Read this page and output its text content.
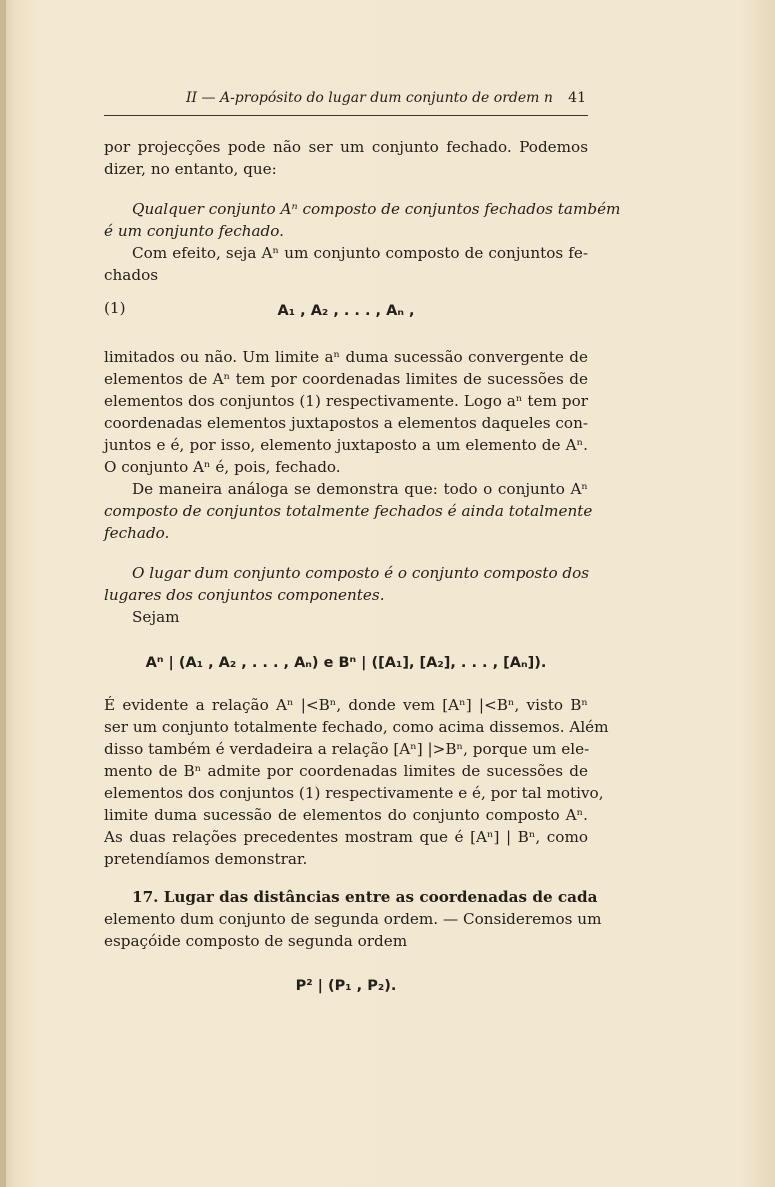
II — A-propósito do lugar dum conjunto de ordem n 41
por projecções pode não ser um conjunto fechado. Podemos
dizer, no entanto, que:
Qualquer conjunto Aⁿ composto de conjuntos fechados também
é um conjunto fechado.
Com efeito, seja Aⁿ um conjunto composto de conjuntos fe-
chados
(1)	A₁ , A₂ , . . . , Aₙ ,
limitados ou não. Um limite aⁿ duma sucessão convergente de
elementos de Aⁿ tem por coordenadas limites de sucessões de
elementos dos conjuntos (1) respectivamente. Logo aⁿ tem por
coordenadas elementos juxtapostos a elementos daqueles con-
juntos e é, por isso, elemento juxtaposto a um elemento de Aⁿ.
O conjunto Aⁿ é, pois, fechado.
De maneira análoga se demonstra que: todo o conjunto Aⁿ
composto de conjuntos totalmente fechados é ainda totalmente
fechado.
O lugar dum conjunto composto é o conjunto composto dos
lugares dos conjuntos componentes.
Sejam
Aⁿ | (A₁ , A₂ , . . . , Aₙ) e Bⁿ | ([A₁], [A₂], . . . , [Aₙ]).
É evidente a relação Aⁿ |<Bⁿ, donde vem [Aⁿ] |<Bⁿ, visto Bⁿ
ser um conjunto totalmente fechado, como acima dissemos. Além
disso também é verdadeira a relação [Aⁿ] |>Bⁿ, porque um ele-
mento de Bⁿ admite por coordenadas limites de sucessões de
elementos dos conjuntos (1) respectivamente e é, por tal motivo,
limite duma sucessão de elementos do conjunto composto Aⁿ.
As duas relações precedentes mostram que é [Aⁿ] | Bⁿ, como
pretendíamos demonstrar.
17. Lugar das distâncias entre as coordenadas de cada
elemento dum conjunto de segunda ordem. — Consideremos um
espaçóide composto de segunda ordem
P² | (P₁ , P₂).
